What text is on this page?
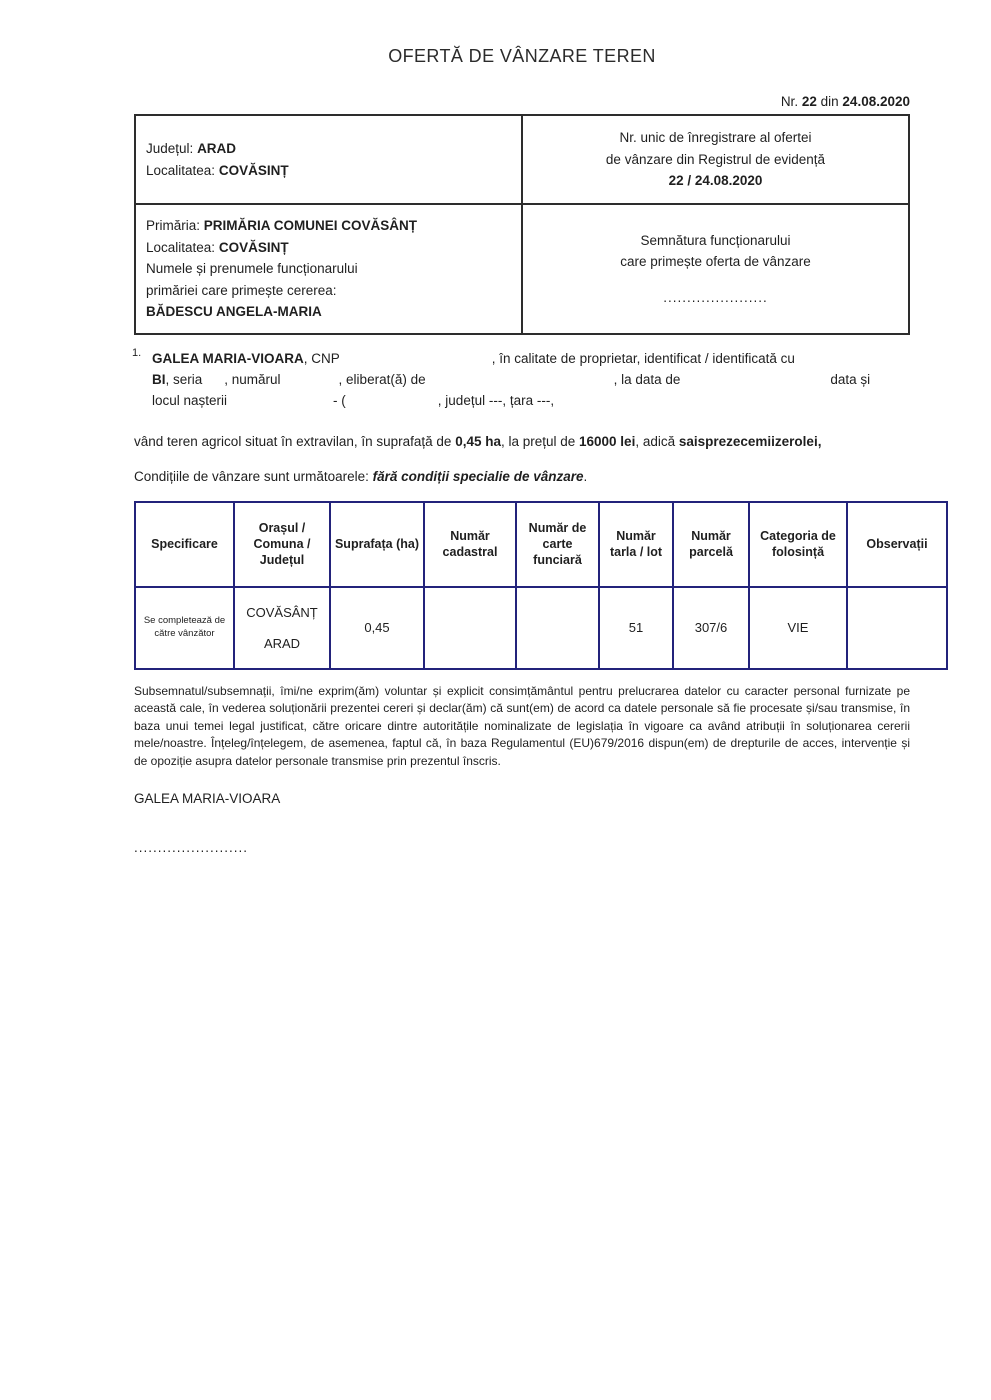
OFERTĂ DE VÂNZARE TEREN
Nr. 22 din 24.08.2020
Județul: ARAD
Localitatea: COVĂSINȚ

Nr. unic de înregistrare al ofertei
de vânzare din Registrul de evidență
22 / 24.08.2020

Primăria: PRIMĂRIA COMUNEI COVĂSÂNȚ
Localitatea: COVĂSINȚ
Numele și prenumele funcționarului
primăriei care primește cererea:
BĂDESCU ANGELA-MARIA

Semnătura funcționarului
care primește oferta de vânzare
......................
1. GALEA MARIA-VIOARA, CNP	, în calitate de proprietar, identificat / identificată cu
BI, seria , numărul	, eliberat(ă) de	, la data de	data și
locul nașterii	- (	, județul ---, țara ---,

vând teren agricol situat în extravilan, în suprafață de 0,45 ha, la prețul de 16000 lei, adică saisprezecemiizerolei,

Condițiile de vânzare sunt următoarele: fără condiții specialie de vânzare.

Specificare	Orașul / Comuna / Județul	Suprafața (ha)	Număr cadastral	Număr de carte funciară	Număr tarla / lot	Număr parcelă	Categoria de folosință	Observații
Se completează de către vânzător	COVĂSÂNȚ
ARAD	0,45			51	307/6	VIE	

Subsemnatul/subsemnații, îmi/ne exprim(ăm) voluntar și explicit consimțământul pentru prelucrarea datelor cu caracter personal furnizate pe această cale, în vederea soluționării prezentei cereri și declar(ăm) că sunt(em) de acord ca datele personale să fie procesate și/sau transmise, în baza unui temei legal justificat, către oricare dintre autoritățile nominalizate de legislația în vigoare ca având atribuții în soluționarea cererii mele/noastre. Înțeleg/înțelegem, de asemenea, faptul că, în baza Regulamentul (EU)679/2016 dispun(em) de drepturile de acces, intervenție și de opoziție asupra datelor personale transmise prin prezentul înscris.

GALEA MARIA-VIOARA
........................
